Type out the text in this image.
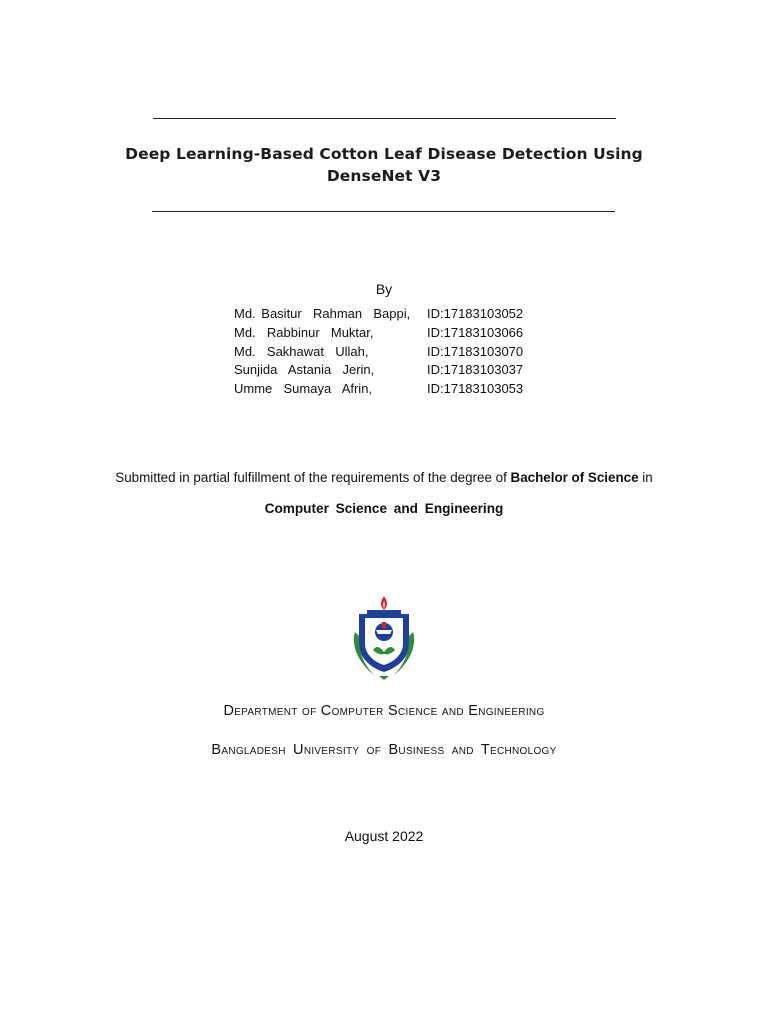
Deep Learning-Based Cotton Leaf Disease Detection Using
DenseNet V3
By
Md. Basitur  Rahman  Bappi,	ID:17183103052
Md.  Rabbinur  Muktar,	ID:17183103066
Md.  Sakhawat  Ullah,	ID:17183103070
Sunjida  Astania  Jerin,	ID:17183103037
Umme  Sumaya  Afrin,	ID:17183103053
Submitted in partial fulfillment of the requirements of the degree of Bachelor of Science in
Computer Science and Engineering
Department of Computer Science and Engineering
Bangladesh University of Business and Technology
August 2022
